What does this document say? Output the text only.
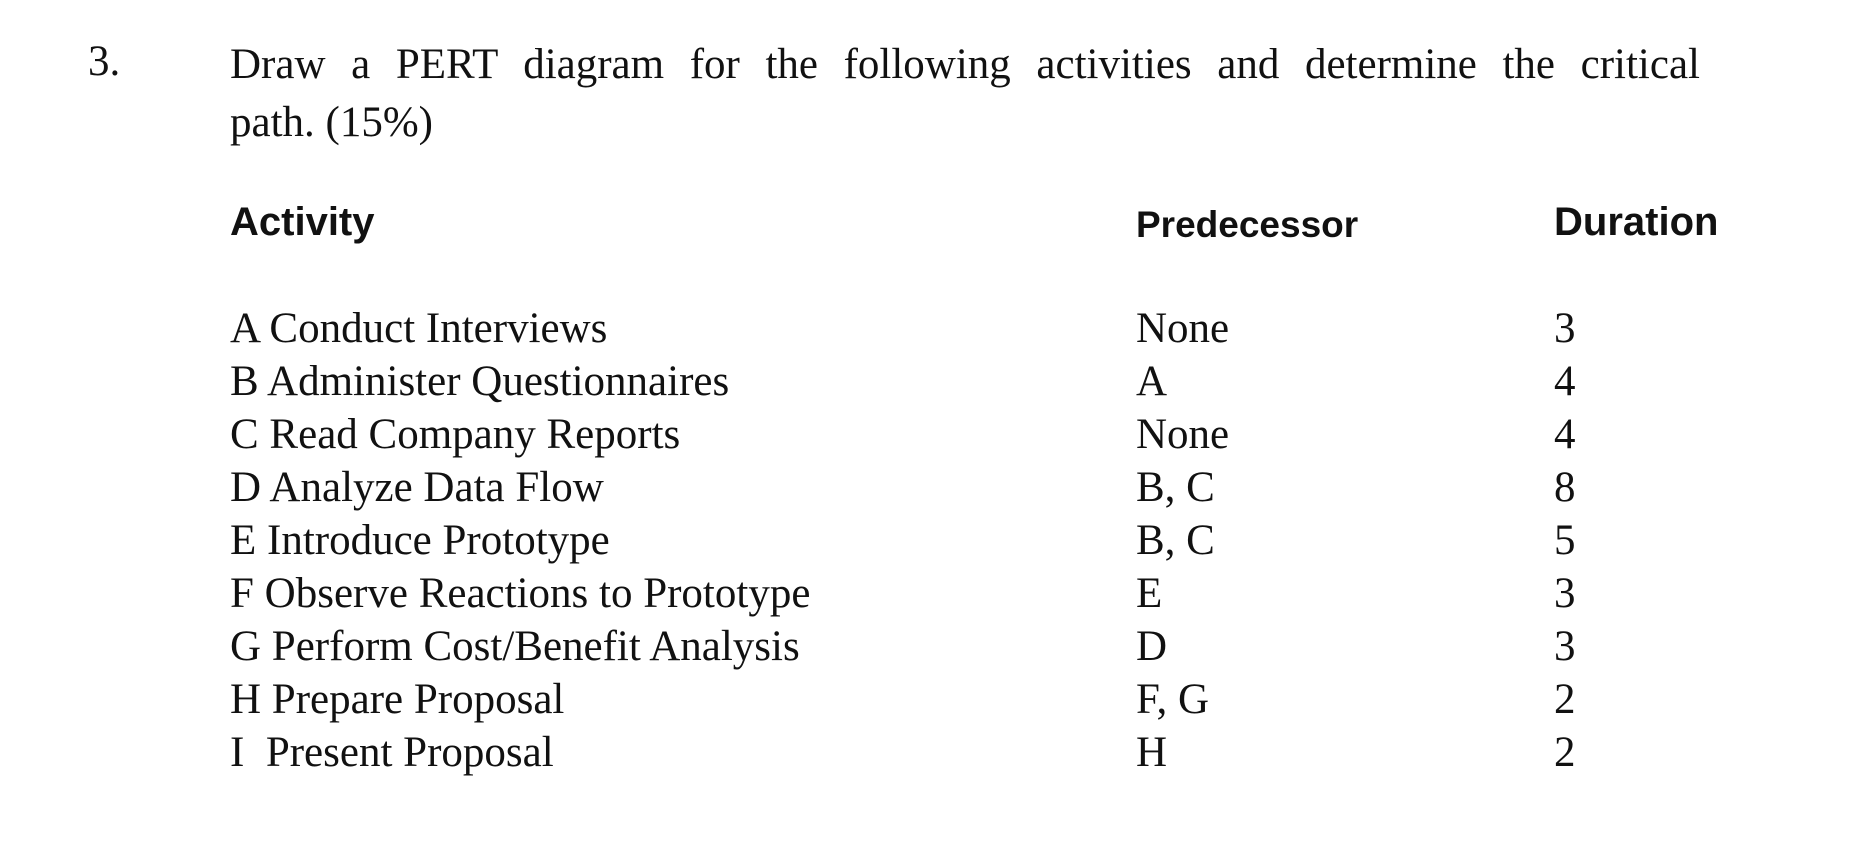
3.	Draw a PERT diagram for the following activities and determine the critical
path. (15%)

Activity	Predecessor	Duration
A Conduct Interviews	None	3
B Administer Questionnaires	A	4
C Read Company Reports	None	4
D Analyze Data Flow	B, C	8
E Introduce Prototype	B, C	5
F Observe Reactions to Prototype	E	3
G Perform Cost/Benefit Analysis	D	3
H Prepare Proposal	F, G	2
I  Present Proposal	H	2
